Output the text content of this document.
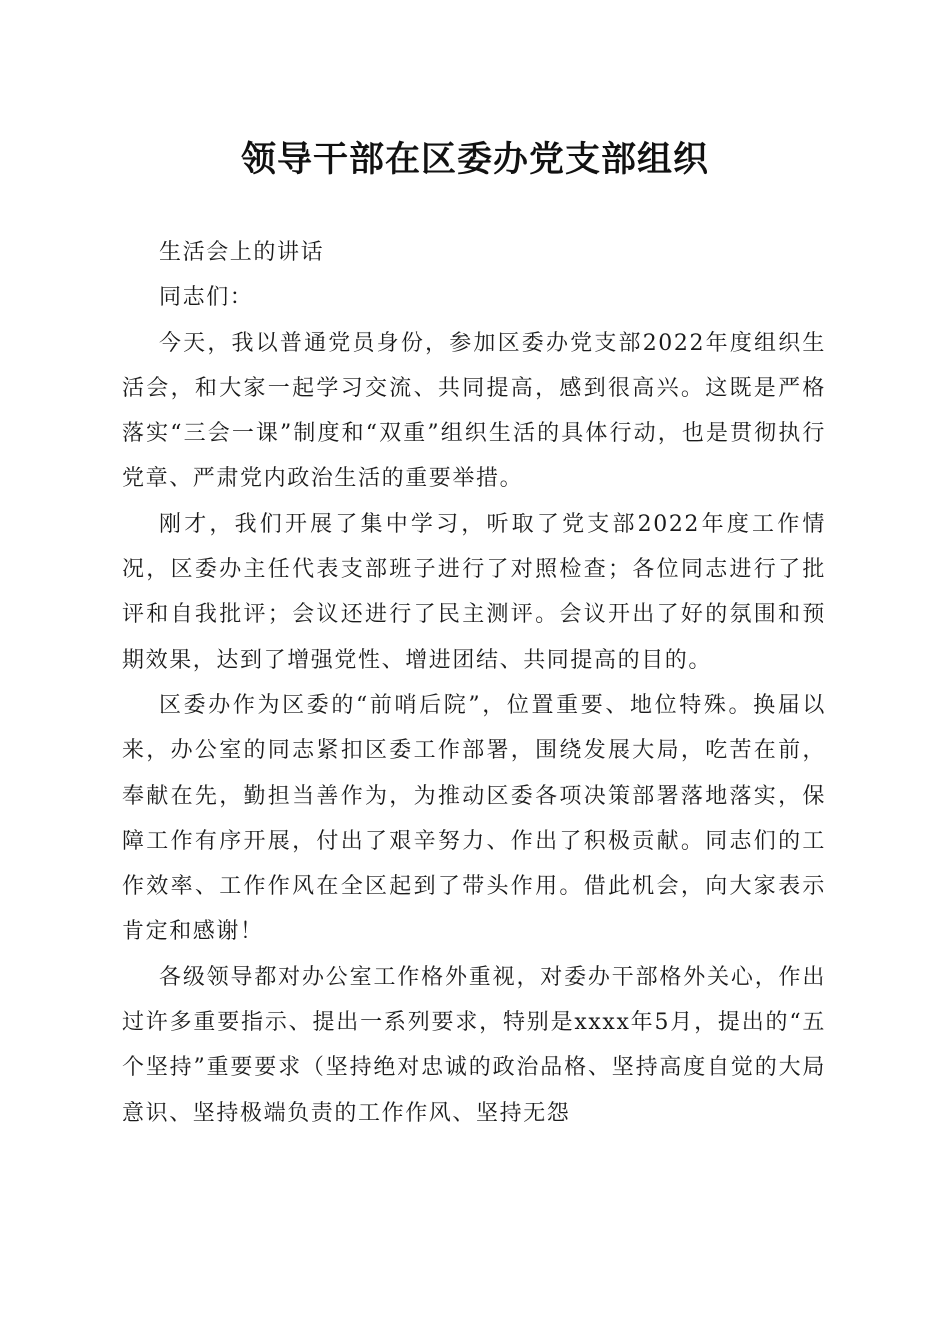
领导干部在区委办党支部组织

生活会上的讲话

同志们：

今天，我以普通党员身份，参加区委办党支部2022年度组织生活会，和大家一起学习交流、共同提高，感到很高兴。这既是严格落实“三会一课”制度和“双重”组织生活的具体行动，也是贯彻执行党章、严肃党内政治生活的重要举措。

刚才，我们开展了集中学习，听取了党支部2022年度工作情况，区委办主任代表支部班子进行了对照检查；各位同志进行了批评和自我批评；会议还进行了民主测评。会议开出了好的氛围和预期效果，达到了增强党性、增进团结、共同提高的目的。

区委办作为区委的“前哨后院”，位置重要、地位特殊。换届以来，办公室的同志紧扣区委工作部署，围绕发展大局，吃苦在前，奉献在先，勤担当善作为，为推动区委各项决策部署落地落实，保障工作有序开展，付出了艰辛努力、作出了积极贡献。同志们的工作效率、工作作风在全区起到了带头作用。借此机会，向大家表示肯定和感谢！

各级领导都对办公室工作格外重视，对委办干部格外关心，作出过许多重要指示、提出一系列要求，特别是xxxx年5月，提出的“五个坚持”重要要求（坚持绝对忠诚的政治品格、坚持高度自觉的大局意识、坚持极端负责的工作作风、坚持无怨
